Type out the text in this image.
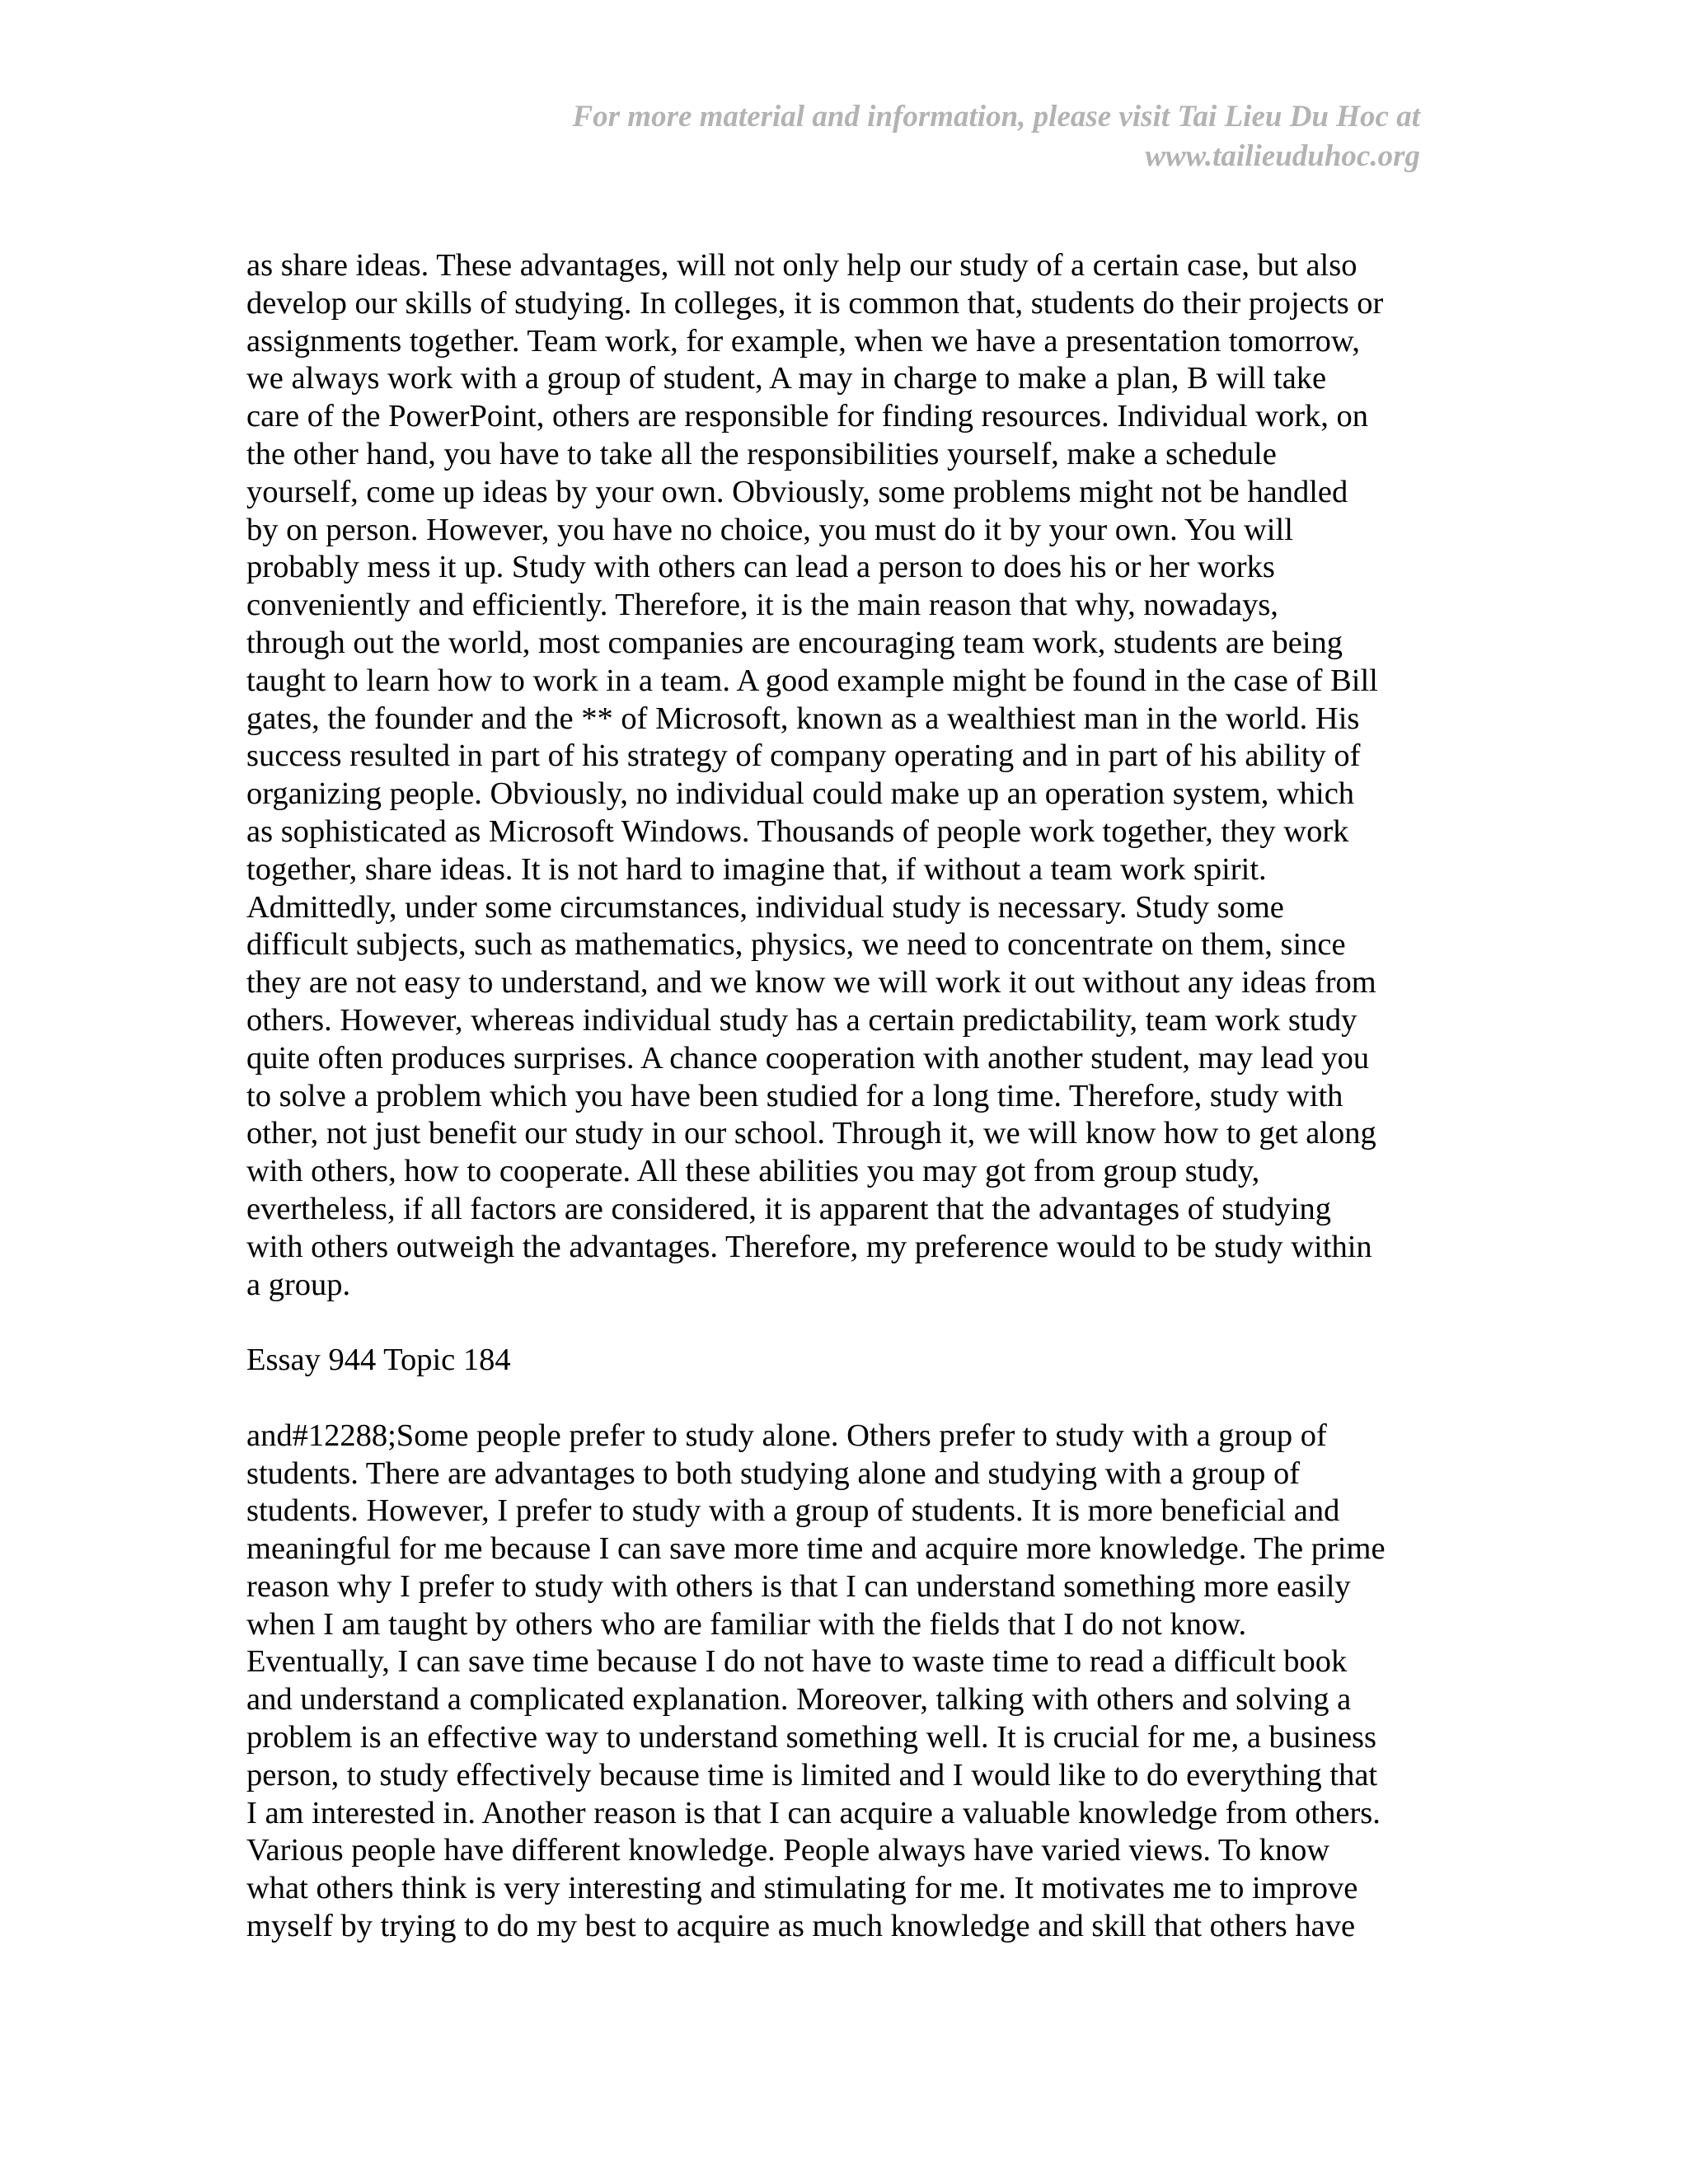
For more material and information, please visit Tai Lieu Du Hoc at
www.tailieuduhoc.org
as share ideas. These advantages, will not only help our study of a certain case, but also
develop our skills of studying. In colleges, it is common that, students do their projects or
assignments together. Team work, for example, when we have a presentation tomorrow,
we always work with a group of student, A may in charge to make a plan, B will take
care of the PowerPoint, others are responsible for finding resources. Individual work, on
the other hand, you have to take all the responsibilities yourself, make a schedule
yourself, come up ideas by your own. Obviously, some problems might not be handled
by on person. However, you have no choice, you must do it by your own. You will
probably mess it up. Study with others can lead a person to does his or her works
conveniently and efficiently. Therefore, it is the main reason that why, nowadays,
through out the world, most companies are encouraging team work, students are being
taught to learn how to work in a team. A good example might be found in the case of Bill
gates, the founder and the ** of Microsoft, known as a wealthiest man in the world. His
success resulted in part of his strategy of company operating and in part of his ability of
organizing people. Obviously, no individual could make up an operation system, which
as sophisticated as Microsoft Windows. Thousands of people work together, they work
together, share ideas. It is not hard to imagine that, if without a team work spirit.
Admittedly, under some circumstances, individual study is necessary. Study some
difficult subjects, such as mathematics, physics, we need to concentrate on them, since
they are not easy to understand, and we know we will work it out without any ideas from
others. However, whereas individual study has a certain predictability, team work study
quite often produces surprises. A chance cooperation with another student, may lead you
to solve a problem which you have been studied for a long time. Therefore, study with
other, not just benefit our study in our school. Through it, we will know how to get along
with others, how to cooperate. All these abilities you may got from group study,
evertheless, if all factors are considered, it is apparent that the advantages of studying
with others outweigh the advantages. Therefore, my preference would to be study within
a group.
Essay 944 Topic 184
and#12288;Some people prefer to study alone. Others prefer to study with a group of
students. There are advantages to both studying alone and studying with a group of
students. However, I prefer to study with a group of students. It is more beneficial and
meaningful for me because I can save more time and acquire more knowledge. The prime
reason why I prefer to study with others is that I can understand something more easily
when I am taught by others who are familiar with the fields that I do not know.
Eventually, I can save time because I do not have to waste time to read a difficult book
and understand a complicated explanation. Moreover, talking with others and solving a
problem is an effective way to understand something well. It is crucial for me, a business
person, to study effectively because time is limited and I would like to do everything that
I am interested in. Another reason is that I can acquire a valuable knowledge from others.
Various people have different knowledge. People always have varied views. To know
what others think is very interesting and stimulating for me. It motivates me to improve
myself by trying to do my best to acquire as much knowledge and skill that others have
